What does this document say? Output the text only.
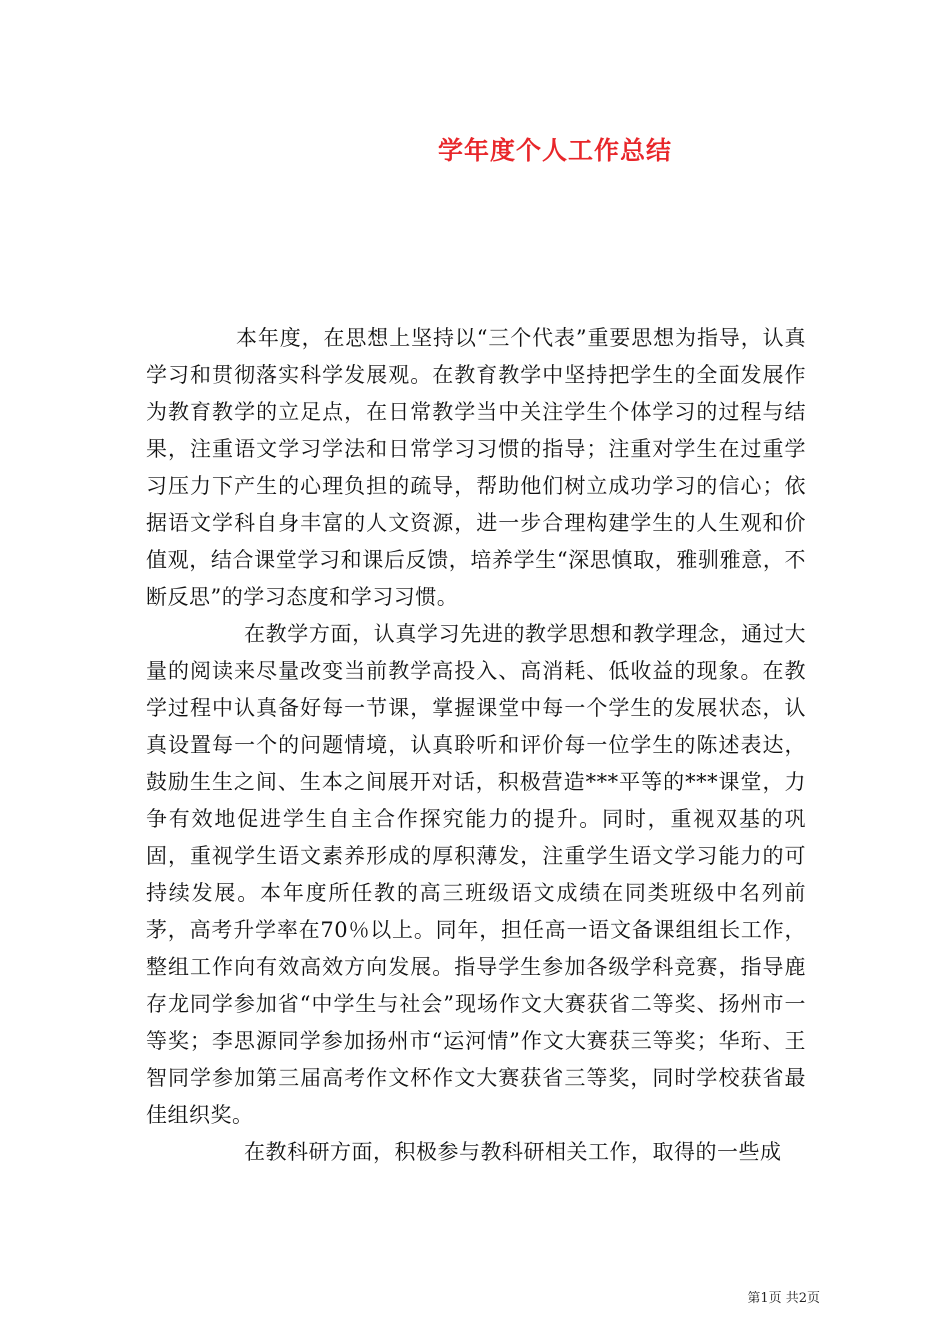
学年度个人工作总结

本年度，在思想上坚持以“三个代表”重要思想为指导，认真学习和贯彻落实科学发展观。在教育教学中坚持把学生的全面发展作为教育教学的立足点，在日常教学当中关注学生个体学习的过程与结果，注重语文学习学法和日常学习习惯的指导；注重对学生在过重学习压力下产生的心理负担的疏导，帮助他们树立成功学习的信心；依据语文学科自身丰富的人文资源，进一步合理构建学生的人生观和价值观，结合课堂学习和课后反馈，培养学生“深思慎取，雅驯雅意，不断反思”的学习态度和学习习惯。

在教学方面，认真学习先进的教学思想和教学理念，通过大量的阅读来尽量改变当前教学高投入、高消耗、低收益的现象。在教学过程中认真备好每一节课，掌握课堂中每一个学生的发展状态，认真设置每一个的问题情境，认真聆听和评价每一位学生的陈述表达，鼓励生生之间、生本之间展开对话，积极营造***平等的***课堂，力争有效地促进学生自主合作探究能力的提升。同时，重视双基的巩固，重视学生语文素养形成的厚积薄发，注重学生语文学习能力的可持续发展。本年度所任教的高三班级语文成绩在同类班级中名列前茅，高考升学率在70％以上。同年，担任高一语文备课组组长工作，整组工作向有效高效方向发展。指导学生参加各级学科竞赛，指导鹿存龙同学参加省“中学生与社会”现场作文大赛获省二等奖、扬州市一等奖；李思源同学参加扬州市“运河情”作文大赛获三等奖；华珩、王智同学参加第三届高考作文杯作文大赛获省三等奖，同时学校获省最佳组织奖。

在教科研方面，积极参与教科研相关工作，取得的一些成

第1页 共2页
